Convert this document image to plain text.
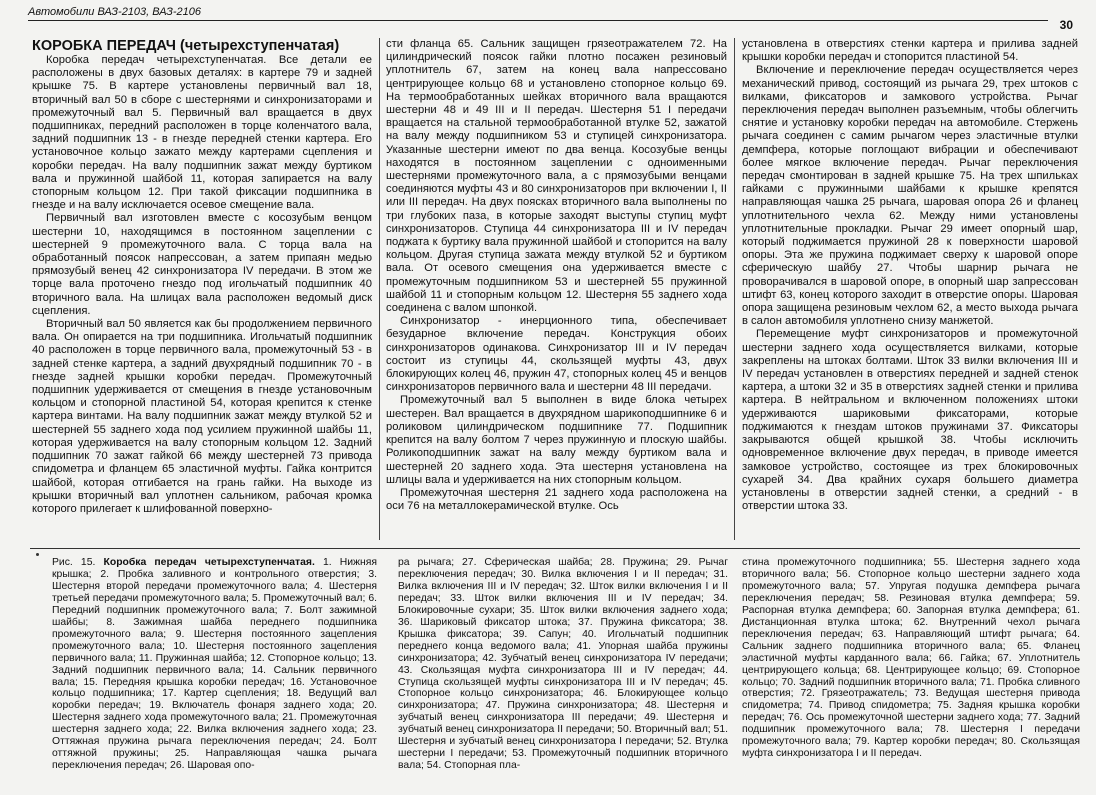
Автомобили ВАЗ-2103, ВАЗ-2106
30

КОРОБКА ПЕРЕДАЧ (четырехступенчатая)

Коробка передач четырехступенчатая. Все детали ее расположены в двух базовых деталях: в картере 79 и задней крышке 75. В картере установлены первичный вал 18, вторичный вал 50 в сборе с шестернями и синхронизаторами и промежуточный вал 5. Первичный вал вращается в двух подшипниках, передний расположен в торце коленчатого вала, задний подшипник 13 - в гнезде передней стенки картера. Его установочное кольцо зажато между картерами сцепления и коробки передач. На валу подшипник зажат между буртиком вала и пружинной шайбой 11, которая запирается на валу стопорным кольцом 12. При такой фиксации подшипника в гнезде и на валу исключается осевое смещение вала.

Первичный вал изготовлен вместе с косозубым венцом шестерни 10, находящимся в постоянном зацеплении с шестерней 9 промежуточного вала. С торца вала на обработанный поясок напрессован, а затем припаян медью прямозубый венец 42 синхронизатора IV передачи. В этом же торце вала проточено гнездо под игольчатый подшипник 40 вторичного вала. На шлицах вала расположен ведомый диск сцепления.

Вторичный вал 50 является как бы продолжением первичного вала. Он опирается на три подшипника. Игольчатый подшипник 40 расположен в торце первичного вала, промежуточный 53 - в задней стенке картера, а задний двухрядный подшипник 70 - в гнезде задней крышки коробки передач. Промежуточный подшипник удерживается от смещения в гнезде установочным кольцом и стопорной пластиной 54, которая крепится к стенке картера винтами. На валу подшипник зажат между втулкой 52 и шестерней 55 заднего хода под усилием пружинной шайбы 11, которая удерживается на валу стопорным кольцом 12. Задний подшипник 70 зажат гайкой 66 между шестерней 73 привода спидометра и фланцем 65 эластичной муфты. Гайка контрится шайбой, которая отгибается на грань гайки. На выходе из крышки вторичный вал уплотнен сальником, рабочая кромка которого прилегает к шлифованной поверхно-

сти фланца 65. Сальник защищен грязеотражателем 72. На цилиндрический поясок гайки плотно посажен резиновый уплотнитель 67, затем на конец вала напрессовано центрирующее кольцо 68 и установлено стопорное кольцо 69. На термообработанных шейках вторичного вала вращаются шестерни 48 и 49 III и II передач. Шестерня 51 I передачи вращается на стальной термообработанной втулке 52, зажатой на валу между подшипником 53 и ступицей синхронизатора. Указанные шестерни имеют по два венца. Косозубые венцы находятся в постоянном зацеплении с одноименными шестернями промежуточного вала, а с прямозубыми венцами соединяются муфты 43 и 80 синхронизаторов при включении I, II или III передач. На двух поясках вторичного вала выполнены по три глубоких паза, в которые заходят выступы ступиц муфт синхронизаторов. Ступица 44 синхронизатора III и IV передач поджата к буртику вала пружинной шайбой и стопорится на валу кольцом. Другая ступица зажата между втулкой 52 и буртиком вала. От осевого смещения она удерживается вместе с промежуточным подшипником 53 и шестерней 55 пружинной шайбой 11 и стопорным кольцом 12. Шестерня 55 заднего хода соединена с валом шпонкой.

Синхронизатор - инерционного типа, обеспечивает безударное включение передач. Конструкция обоих синхронизаторов одинакова. Синхронизатор III и IV передач состоит из ступицы 44, скользящей муфты 43, двух блокирующих колец 46, пружин 47, стопорных колец 45 и венцов синхронизаторов первичного вала и шестерни 48 III передачи.

Промежуточный вал 5 выполнен в виде блока четырех шестерен. Вал вращается в двухрядном шарикоподшипнике 6 и роликовом цилиндрическом подшипнике 77. Подшипник крепится на валу болтом 7 через пружинную и плоскую шайбы. Роликоподшипник зажат на валу между буртиком вала и шестерней 20 заднего хода. Эта шестерня установлена на шлицы вала и удерживается на них стопорным кольцом.

Промежуточная шестерня 21 заднего хода расположена на оси 76 на металлокерамической втулке. Ось

установлена в отверстиях стенки картера и прилива задней крышки коробки передач и стопорится пластиной 54.

Включение и переключение передач осуществляется через механический привод, состоящий из рычага 29, трех штоков с вилками, фиксаторов и замкового устройства. Рычаг переключения передач выполнен разъемным, чтобы облегчить снятие и установку коробки передач на автомобиле. Стержень рычага соединен с самим рычагом через эластичные втулки демпфера, которые поглощают вибрации и обеспечивают более мягкое включение передач. Рычаг переключения передач смонтирован в задней крышке 75. На трех шпильках гайками с пружинными шайбами к крышке крепятся направляющая чашка 25 рычага, шаровая опора 26 и фланец уплотнительного чехла 62. Между ними установлены уплотнительные прокладки. Рычаг 29 имеет опорный шар, который поджимается пружиной 28 к поверхности шаровой опоры. Эта же пружина поджимает сверху к шаровой опоре сферическую шайбу 27. Чтобы шарнир рычага не проворачивался в шаровой опоре, в опорный шар запрессован штифт 63, конец которого заходит в отверстие опоры. Шаровая опора защищена резиновым чехлом 62, а место выхода рычага в салон автомобиля уплотнено снизу манжетой.

Перемещение муфт синхронизаторов и промежуточной шестерни заднего хода осуществляется вилками, которые закреплены на штоках болтами. Шток 33 вилки включения III и IV передач установлен в отверстиях передней и задней стенок картера, а штоки 32 и 35 в отверстиях задней стенки и прилива картера. В нейтральном и включенном положениях штоки удерживаются шариковыми фиксаторами, которые поджимаются к гнездам штоков пружинами 37. Фиксаторы закрываются общей крышкой 38. Чтобы исключить одновременное включение двух передач, в приводе имеется замковое устройство, состоящее из трех блокировочных сухарей 34. Два крайних сухаря большего диаметра установлены в отверстии задней стенки, а средний - в отверстии штока 33.

Рис. 15. Коробка передач четырехступенчатая. 1. Нижняя крышка; 2. Пробка заливного и контрольного отверстия; 3. Шестерня второй передачи промежуточного вала; 4. Шестерня третьей передачи промежуточного вала; 5. Промежуточный вал; 6. Передний подшипник промежуточного вала; 7. Болт зажимной шайбы; 8. Зажимная шайба переднего подшипника промежуточного вала; 9. Шестерня постоянного зацепления промежуточного вала; 10. Шестерня постоянного зацепления первичного вала; 11. Пружинная шайба; 12. Стопорное кольцо; 13. Задний подшипник первичного вала; 14. Сальник первичного вала; 15. Передняя крышка коробки передач; 16. Установочное кольцо подшипника; 17. Картер сцепления; 18. Ведущий вал коробки передач; 19. Включатель фонаря заднего хода; 20. Шестерня заднего хода промежуточного вала; 21. Промежуточная шестерня заднего хода; 22. Вилка включения заднего хода; 23. Оттяжная пружина рычага переключения передач; 24. Болт оттяжной пружины; 25. Направляющая чашка рычага переключения передач; 26. Шаровая опо-

ра рычага; 27. Сферическая шайба; 28. Пружина; 29. Рычаг переключения передач; 30. Вилка включения I и II передач; 31. Вилка включения III и IV передач; 32. Шток вилки включения I и II передач; 33. Шток вилки включения III и IV передач; 34. Блокировочные сухари; 35. Шток вилки включения заднего хода; 36. Шариковый фиксатор штока; 37. Пружина фиксатора; 38. Крышка фиксатора; 39. Сапун; 40. Игольчатый подшипник переднего конца ведомого вала; 41. Упорная шайба пружины синхронизатора; 42. Зубчатый венец синхронизатора IV передачи; 43. Скользящая муфта синхронизатора III и IV передач; 44. Ступица скользящей муфты синхронизатора III и IV передач; 45. Стопорное кольцо синхронизатора; 46. Блокирующее кольцо синхронизатора; 47. Пружина синхронизатора; 48. Шестерня и зубчатый венец синхронизатора III передачи; 49. Шестерня и зубчатый венец синхронизатора II передачи; 50. Вторичный вал; 51. Шестерня и зубчатый венец синхронизатора I передачи; 52. Втулка шестерни I передачи; 53. Промежуточный подшипник вторичного вала; 54. Стопорная пла-

стина промежуточного подшипника; 55. Шестерня заднего хода вторичного вала; 56. Стопорное кольцо шестерни заднего хода промежуточного вала; 57. Упругая подушка демпфера рычага переключения передач; 58. Резиновая втулка демпфера; 59. Распорная втулка демпфера; 60. Запорная втулка демпфера; 61. Дистанционная втулка штока; 62. Внутренний чехол рычага переключения передач; 63. Направляющий штифт рычага; 64. Сальник заднего подшипника вторичного вала; 65. Фланец эластичной муфты карданного вала; 66. Гайка; 67. Уплотнитель центрирующего кольца; 68. Центрирующее кольцо; 69. Стопорное кольцо; 70. Задний подшипник вторичного вала; 71. Пробка сливного отверстия; 72. Грязеотражатель; 73. Ведущая шестерня привода спидометра; 74. Привод спидометра; 75. Задняя крышка коробки передач; 76. Ось промежуточной шестерни заднего хода; 77. Задний подшипник промежуточного вала; 78. Шестерня I передачи промежуточного вала; 79. Картер коробки передач; 80. Скользящая муфта синхронизатора I и II передач.
